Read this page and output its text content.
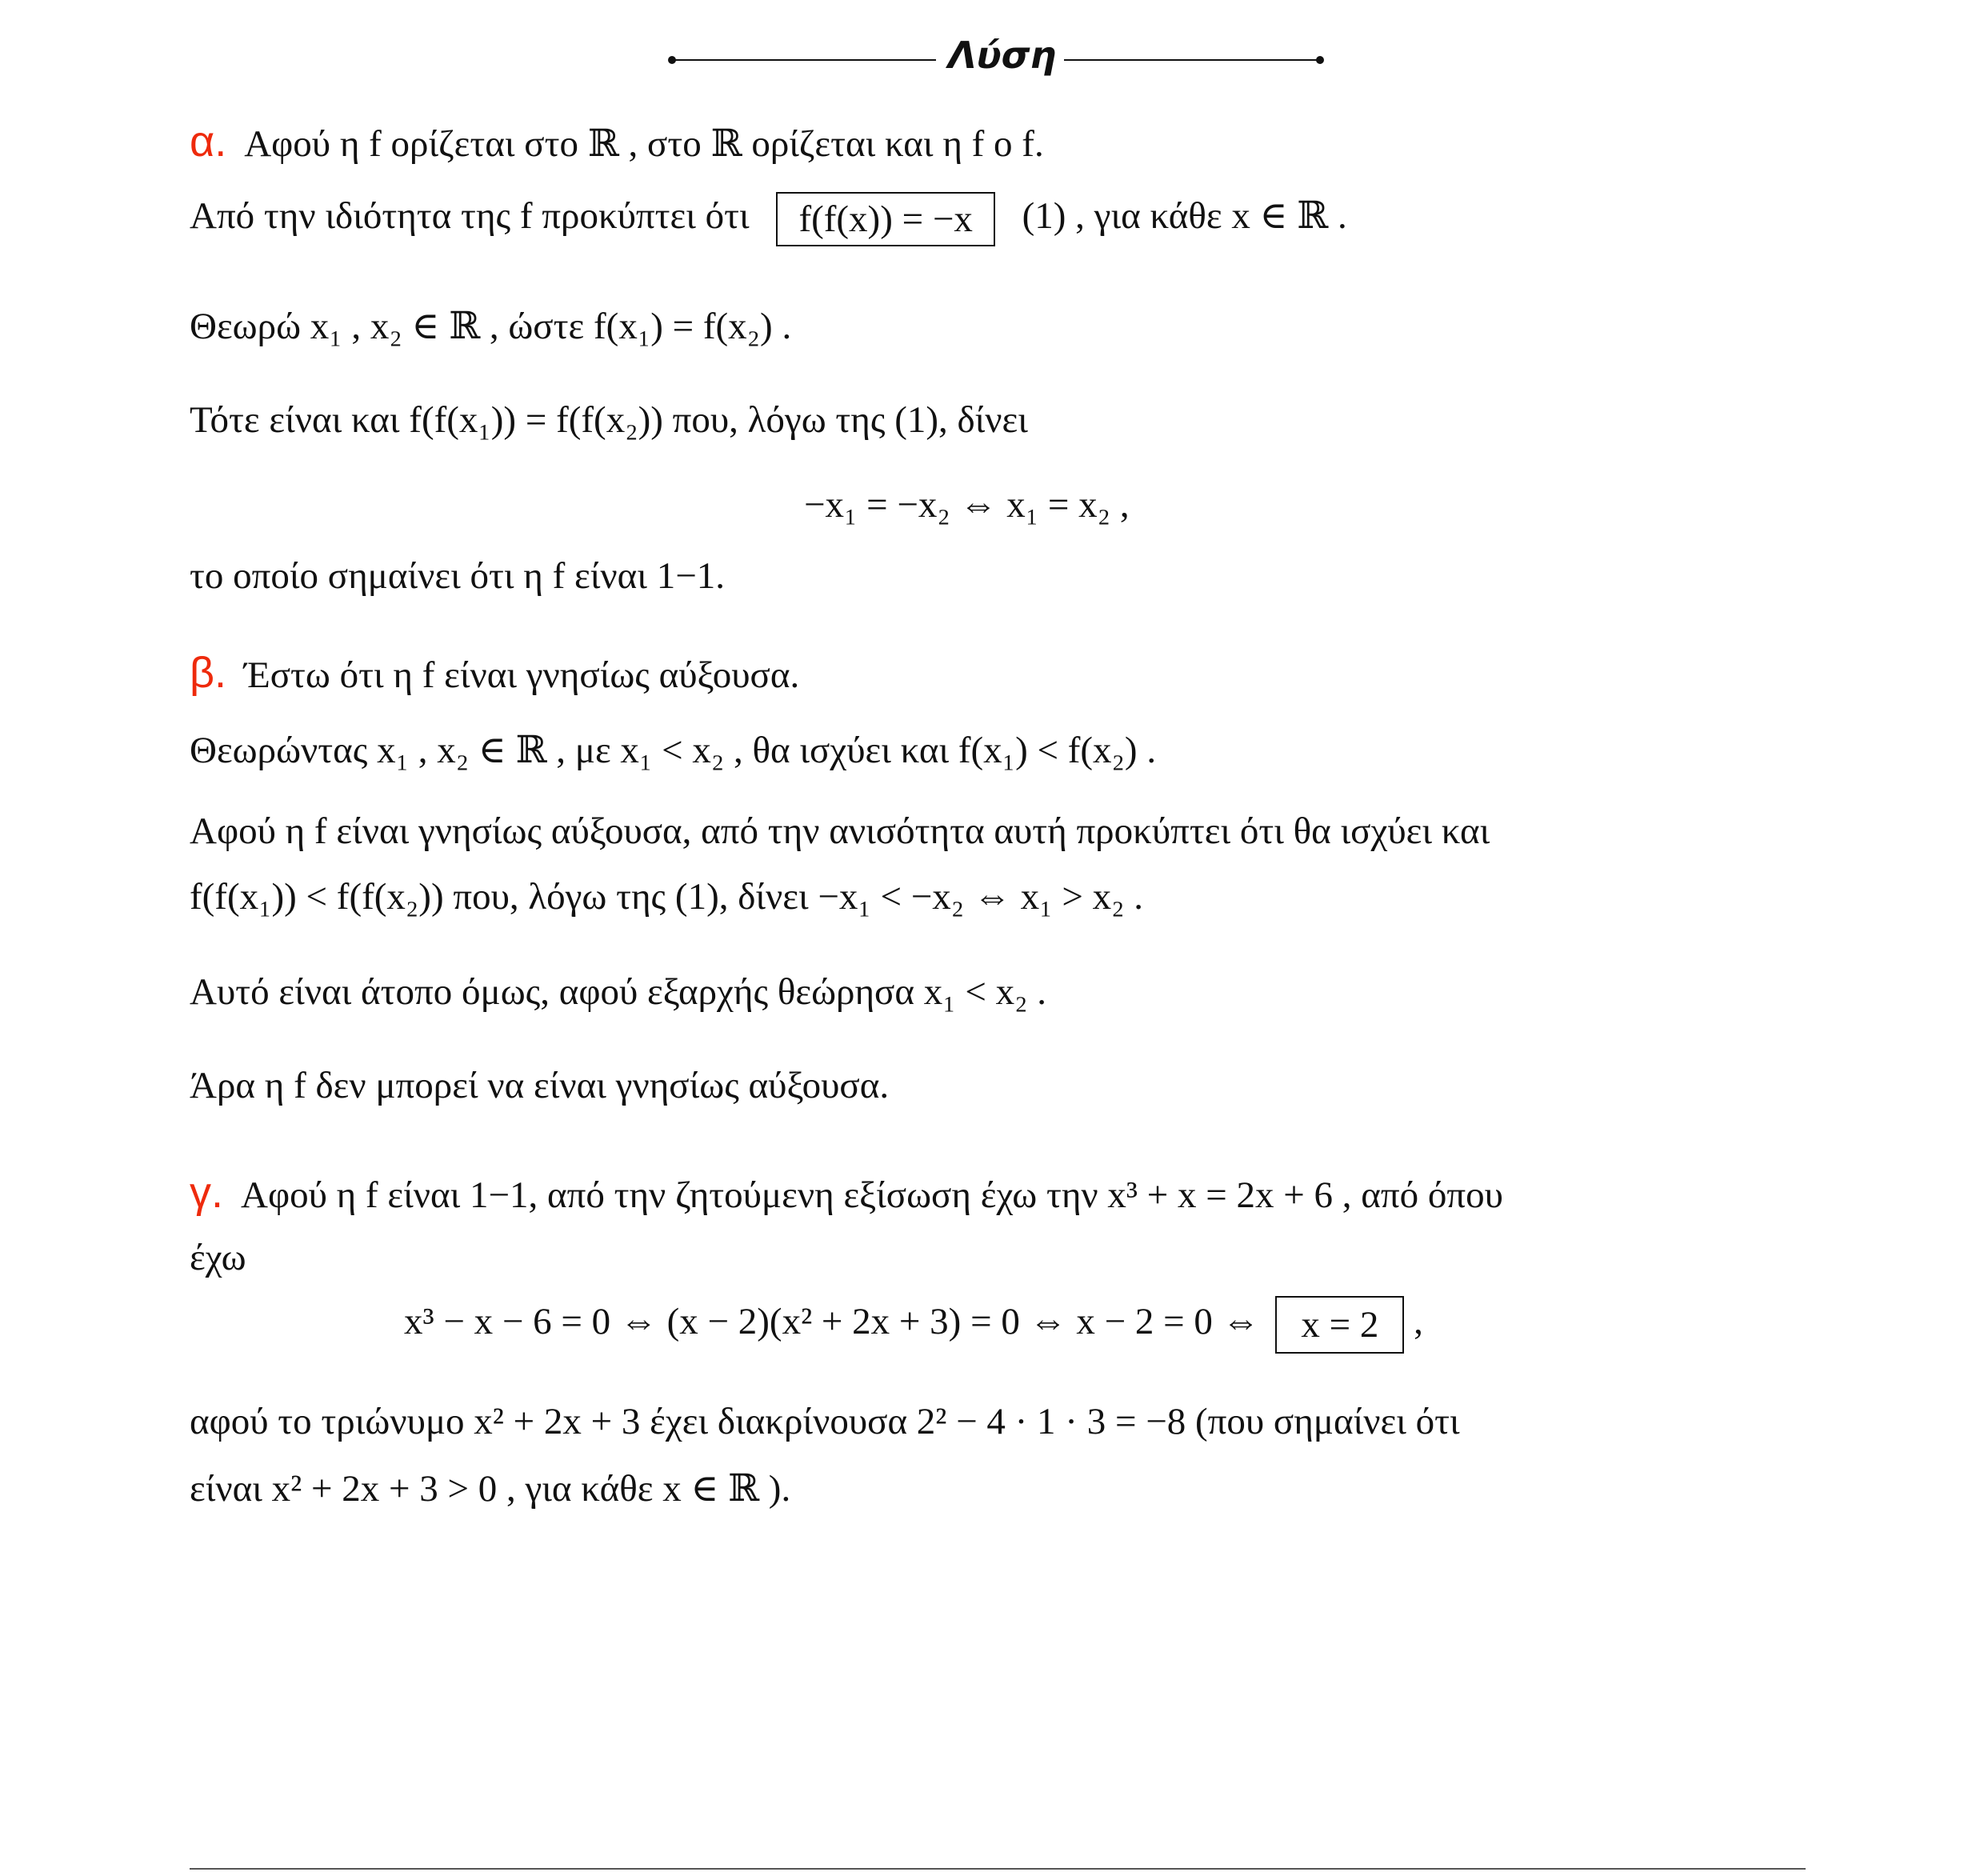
Λύση
α. Αφού η f ορίζεται στο ℝ , στο ℝ ορίζεται και η f ο f.
Από την ιδιότητα της f προκύπτει ότι f(f(x)) = −x (1) , για κάθε x ∈ ℝ .
Θεωρώ x₁ , x₂ ∈ ℝ , ώστε f(x₁) = f(x₂) .
Τότε είναι και f(f(x₁)) = f(f(x₂)) που, λόγω της (1), δίνει
−x₁ = −x₂ ⇔ x₁ = x₂ ,
το οποίο σημαίνει ότι η f είναι 1−1.
β. Έστω ότι η f είναι γνησίως αύξουσα.
Θεωρώντας x₁ , x₂ ∈ ℝ , με x₁ < x₂ , θα ισχύει και f(x₁) < f(x₂) .
Αφού η f είναι γνησίως αύξουσα, από την ανισότητα αυτή προκύπτει ότι θα ισχύει και
f(f(x₁)) < f(f(x₂)) που, λόγω της (1), δίνει −x₁ < −x₂ ⇔ x₁ > x₂ .
Αυτό είναι άτοπο όμως, αφού εξαρχής θεώρησα x₁ < x₂ .
Άρα η f δεν μπορεί να είναι γνησίως αύξουσα.
γ. Αφού η f είναι 1−1, από την ζητούμενη εξίσωση έχω την x³ + x = 2x + 6 , από όπου
έχω
x³ − x − 6 = 0 ⇔ (x − 2)(x² + 2x + 3) = 0 ⇔ x − 2 = 0 ⇔ x = 2 ,
αφού το τριώνυμο x² + 2x + 3 έχει διακρίνουσα 2² − 4 · 1 · 3 = −8 (που σημαίνει ότι
είναι x² + 2x + 3 > 0 , για κάθε x ∈ ℝ ).
